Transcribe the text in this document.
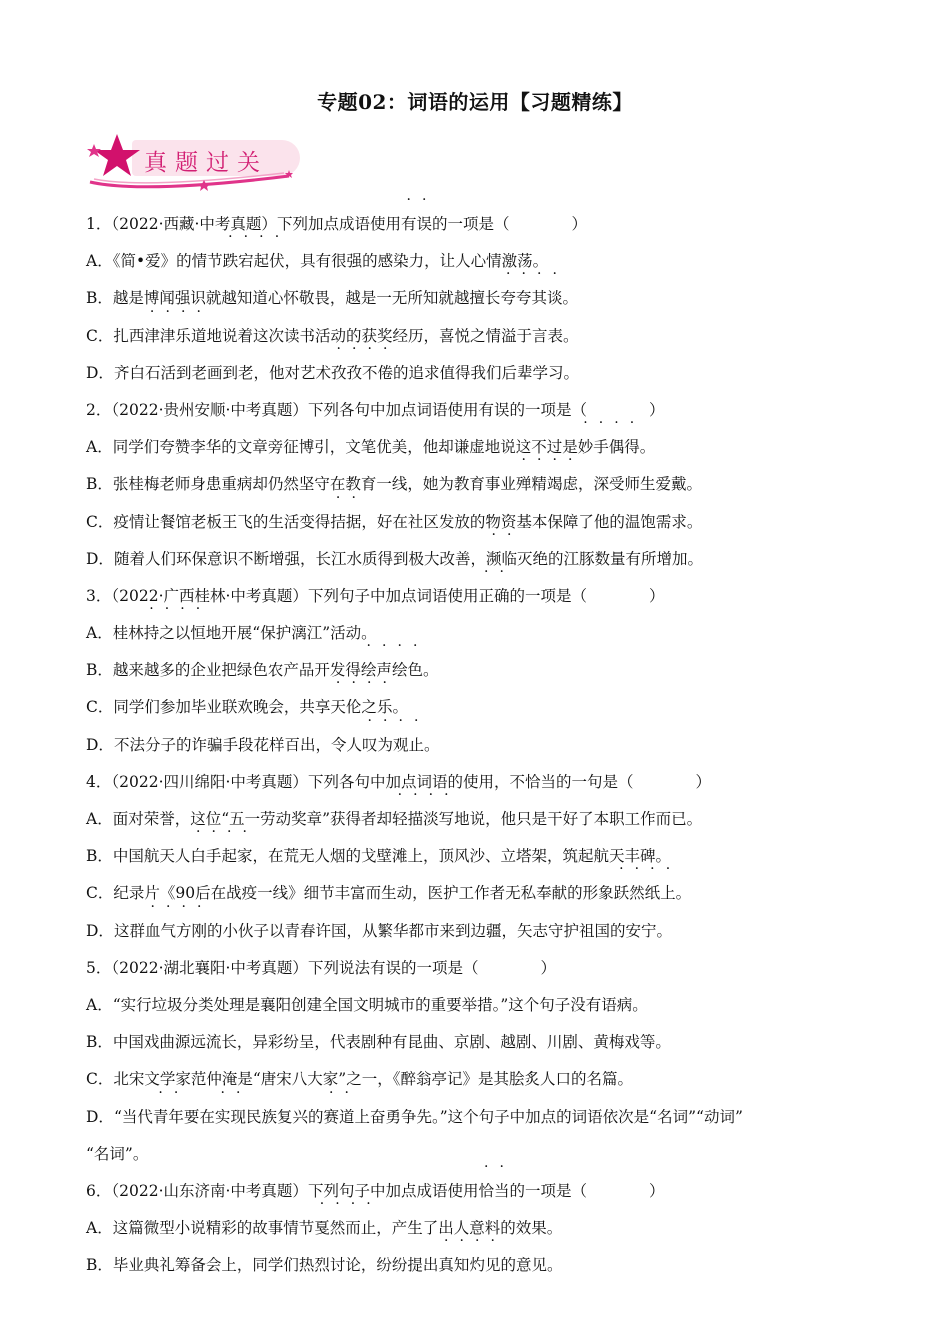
专题02：词语的运用【习题精练】
真题过关
1．（2022·西藏·中考真题）下列加点成语使用有误的一项是（　　　　）
A．《简•爱》的情节跌宕起伏，具有很强的感染力，让人心情激荡。
B．越是博闻强识就越知道心怀敬畏，越是一无所知就越擅长夸夸其谈。
C．扎西津津乐道地说着这次读书活动的获奖经历，喜悦之情溢于言表。
D．齐白石活到老画到老，他对艺术孜孜不倦的追求值得我们后辈学习。
2．（2022·贵州安顺·中考真题）下列各句中加点词语使用有误的一项是（　　　　）
A．同学们夸赞李华的文章旁征博引，文笔优美，他却谦虚地说这不过是妙手偶得。
B．张桂梅老师身患重病却仍然坚守在教育一线，她为教育事业殚精竭虑，深受师生爱戴。
C．疫情让餐馆老板王飞的生活变得拮据，好在社区发放的物资基本保障了他的温饱需求。
D．随着人们环保意识不断增强，长江水质得到极大改善，濒临灭绝的江豚数量有所增加。
3．（2022·广西桂林·中考真题）下列句子中加点词语使用正确的一项是（　　　　）
A．桂林持之以恒地开展“保护漓江”活动。
B．越来越多的企业把绿色农产品开发得绘声绘色。
C．同学们参加毕业联欢晚会，共享天伦之乐。
D．不法分子的诈骗手段花样百出，令人叹为观止。
4．（2022·四川绵阳·中考真题）下列各句中加点词语的使用，不恰当的一句是（　　　　）
A．面对荣誉，这位“五一劳动奖章”获得者却轻描淡写地说，他只是干好了本职工作而已。
B．中国航天人白手起家，在荒无人烟的戈壁滩上，顶风沙、立塔架，筑起航天丰碑。
C．纪录片《90后在战疫一线》细节丰富而生动，医护工作者无私奉献的形象跃然纸上。
D．这群血气方刚的小伙子以青春许国，从繁华都市来到边疆，矢志守护祖国的安宁。
5．（2022·湖北襄阳·中考真题）下列说法有误的一项是（　　　　）
A．“实行垃圾分类处理是襄阳创建全国文明城市的重要举措。”这个句子没有语病。
B．中国戏曲源远流长，异彩纷呈，代表剧种有昆曲、京剧、越剧、川剧、黄梅戏等。
C．北宋文学家范仲淹是“唐宋八大家”之一，《醉翁亭记》是其脍炙人口的名篇。
D．“当代青年要在实现民族复兴的赛道上奋勇争先。”这个句子中加点的词语依次是“名词”“动词”
“名词”。
6．（2022·山东济南·中考真题）下列句子中加点成语使用恰当的一项是（　　　　）
A．这篇微型小说精彩的故事情节戛然而止，产生了出人意料的效果。
B．毕业典礼筹备会上，同学们热烈讨论，纷纷提出真知灼见的意见。
